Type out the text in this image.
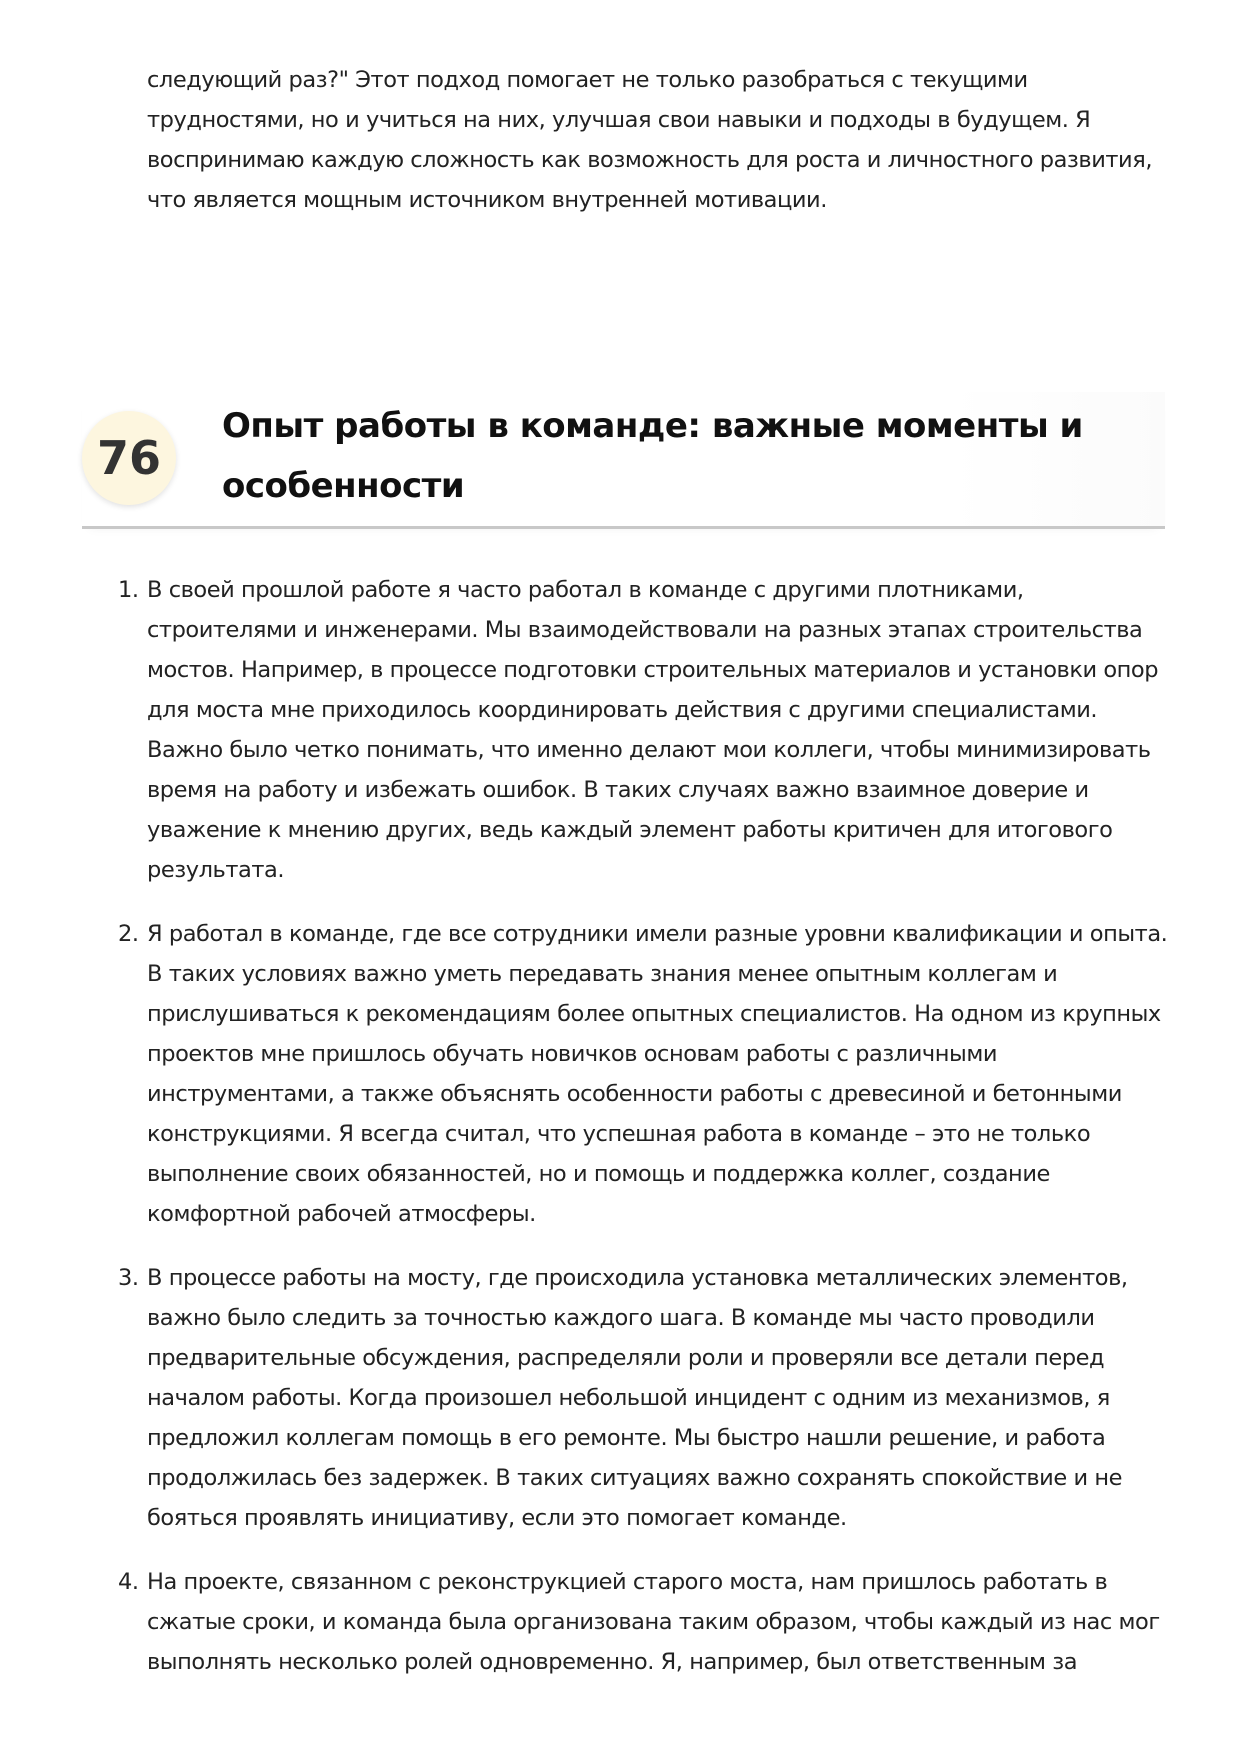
следующий раз?" Этот подход помогает не только разобраться с текущими трудностями, но и учиться на них, улучшая свои навыки и подходы в будущем. Я воспринимаю каждую сложность как возможность для роста и личностного развития, что является мощным источником внутренней мотивации.

76
Опыт работы в команде: важные моменты и особенности
1. В своей прошлой работе я часто работал в команде с другими плотниками, строителями и инженерами. Мы взаимодействовали на разных этапах строительства мостов. Например, в процессе подготовки строительных материалов и установки опор для моста мне приходилось координировать действия с другими специалистами. Важно было четко понимать, что именно делают мои коллеги, чтобы минимизировать время на работу и избежать ошибок. В таких случаях важно взаимное доверие и уважение к мнению других, ведь каждый элемент работы критичен для итогового результата.
2. Я работал в команде, где все сотрудники имели разные уровни квалификации и опыта. В таких условиях важно уметь передавать знания менее опытным коллегам и прислушиваться к рекомендациям более опытных специалистов. На одном из крупных проектов мне пришлось обучать новичков основам работы с различными инструментами, а также объяснять особенности работы с древесиной и бетонными конструкциями. Я всегда считал, что успешная работа в команде – это не только выполнение своих обязанностей, но и помощь и поддержка коллег, создание комфортной рабочей атмосферы.
3. В процессе работы на мосту, где происходила установка металлических элементов, важно было следить за точностью каждого шага. В команде мы часто проводили предварительные обсуждения, распределяли роли и проверяли все детали перед началом работы. Когда произошел небольшой инцидент с одним из механизмов, я предложил коллегам помощь в его ремонте. Мы быстро нашли решение, и работа продолжилась без задержек. В таких ситуациях важно сохранять спокойствие и не бояться проявлять инициативу, если это помогает команде.
4. На проекте, связанном с реконструкцией старого моста, нам пришлось работать в сжатые сроки, и команда была организована таким образом, чтобы каждый из нас мог выполнять несколько ролей одновременно. Я, например, был ответственным за
